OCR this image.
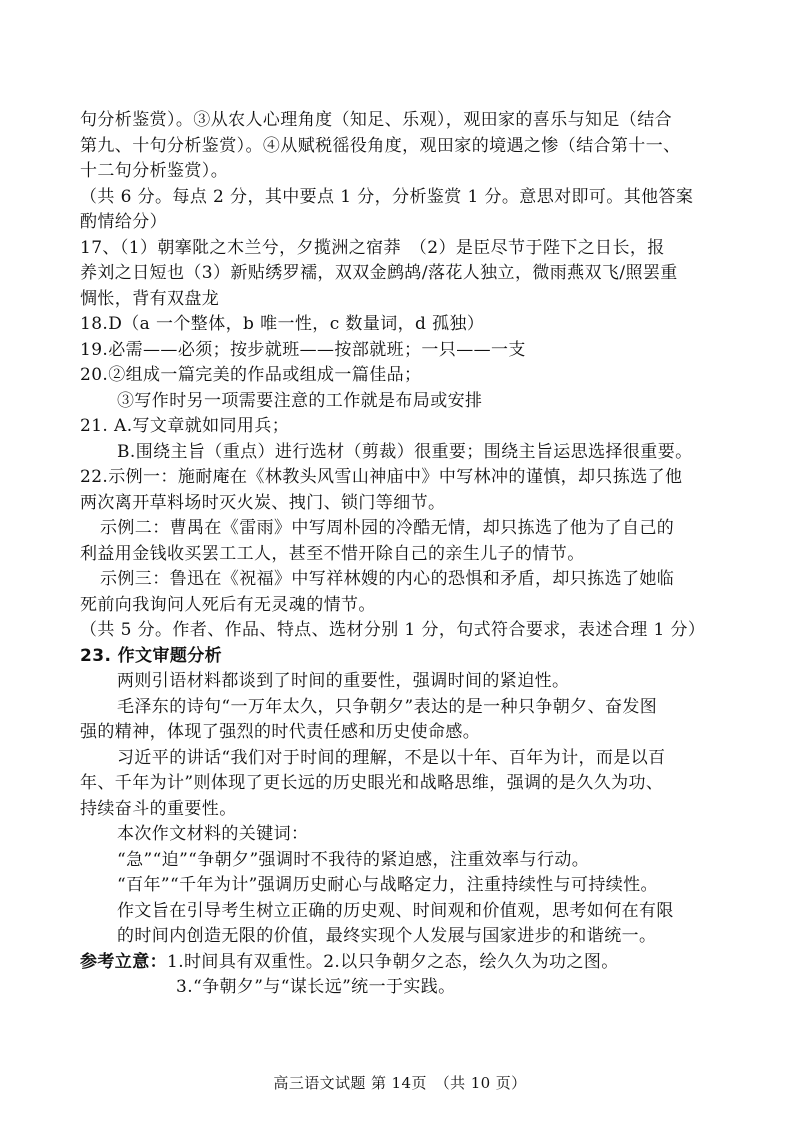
句分析鉴赏）。③从农人心理角度（知足、乐观），观田家的喜乐与知足（结合
第九、十句分析鉴赏）。④从赋税徭役角度，观田家的境遇之惨（结合第十一、
十二句分析鉴赏）。
（共 6 分。每点 2 分，其中要点 1 分，分析鉴赏 1 分。意思对即可。其他答案
酌情给分）
17、（1）朝搴阰之木兰兮，夕揽洲之宿莽　（2）是臣尽节于陛下之日长，报
养刘之日短也（3）新贴绣罗襦，双双金鹧鸪/落花人独立，微雨燕双飞/照罢重
惆怅，背有双盘龙
18.D（a 一个整体，b 唯一性，c 数量词，d 孤独）
19.必需——必须；按步就班——按部就班；一只——一支
20.②组成一篇完美的作品或组成一篇佳品；
③写作时另一项需要注意的工作就是布局或安排
21. A.写文章就如同用兵；
B.围绕主旨（重点）进行选材（剪裁）很重要；围绕主旨运思选择很重要。
22.示例一：施耐庵在《林教头风雪山神庙中》中写林冲的谨慎，却只拣选了他
两次离开草料场时灭火炭、拽门、锁门等细节。
示例二：曹禺在《雷雨》中写周朴园的冷酷无情，却只拣选了他为了自己的
利益用金钱收买罢工工人，甚至不惜开除自己的亲生儿子的情节。
示例三：鲁迅在《祝福》中写祥林嫂的内心的恐惧和矛盾，却只拣选了她临
死前向我询问人死后有无灵魂的情节。
（共 5 分。作者、作品、特点、选材分别 1 分，句式符合要求，表述合理 1 分）
23. 作文审题分析
两则引语材料都谈到了时间的重要性，强调时间的紧迫性。
毛泽东的诗句“一万年太久，只争朝夕”表达的是一种只争朝夕、奋发图
强的精神，体现了强烈的时代责任感和历史使命感。
习近平的讲话“我们对于时间的理解，不是以十年、百年为计，而是以百
年、千年为计”则体现了更长远的历史眼光和战略思维，强调的是久久为功、
持续奋斗的重要性。
本次作文材料的关键词：
“急”“迫”“争朝夕”强调时不我待的紧迫感，注重效率与行动。
“百年”“千年为计”强调历史耐心与战略定力，注重持续性与可持续性。
作文旨在引导考生树立正确的历史观、时间观和价值观，思考如何在有限
的时间内创造无限的价值，最终实现个人发展与国家进步的和谐统一。
参考立意：1.时间具有双重性。2.以只争朝夕之态，绘久久为功之图。
3.“争朝夕”与“谋长远”统一于实践。
高三语文试题 第 14页　（共 10 页）
